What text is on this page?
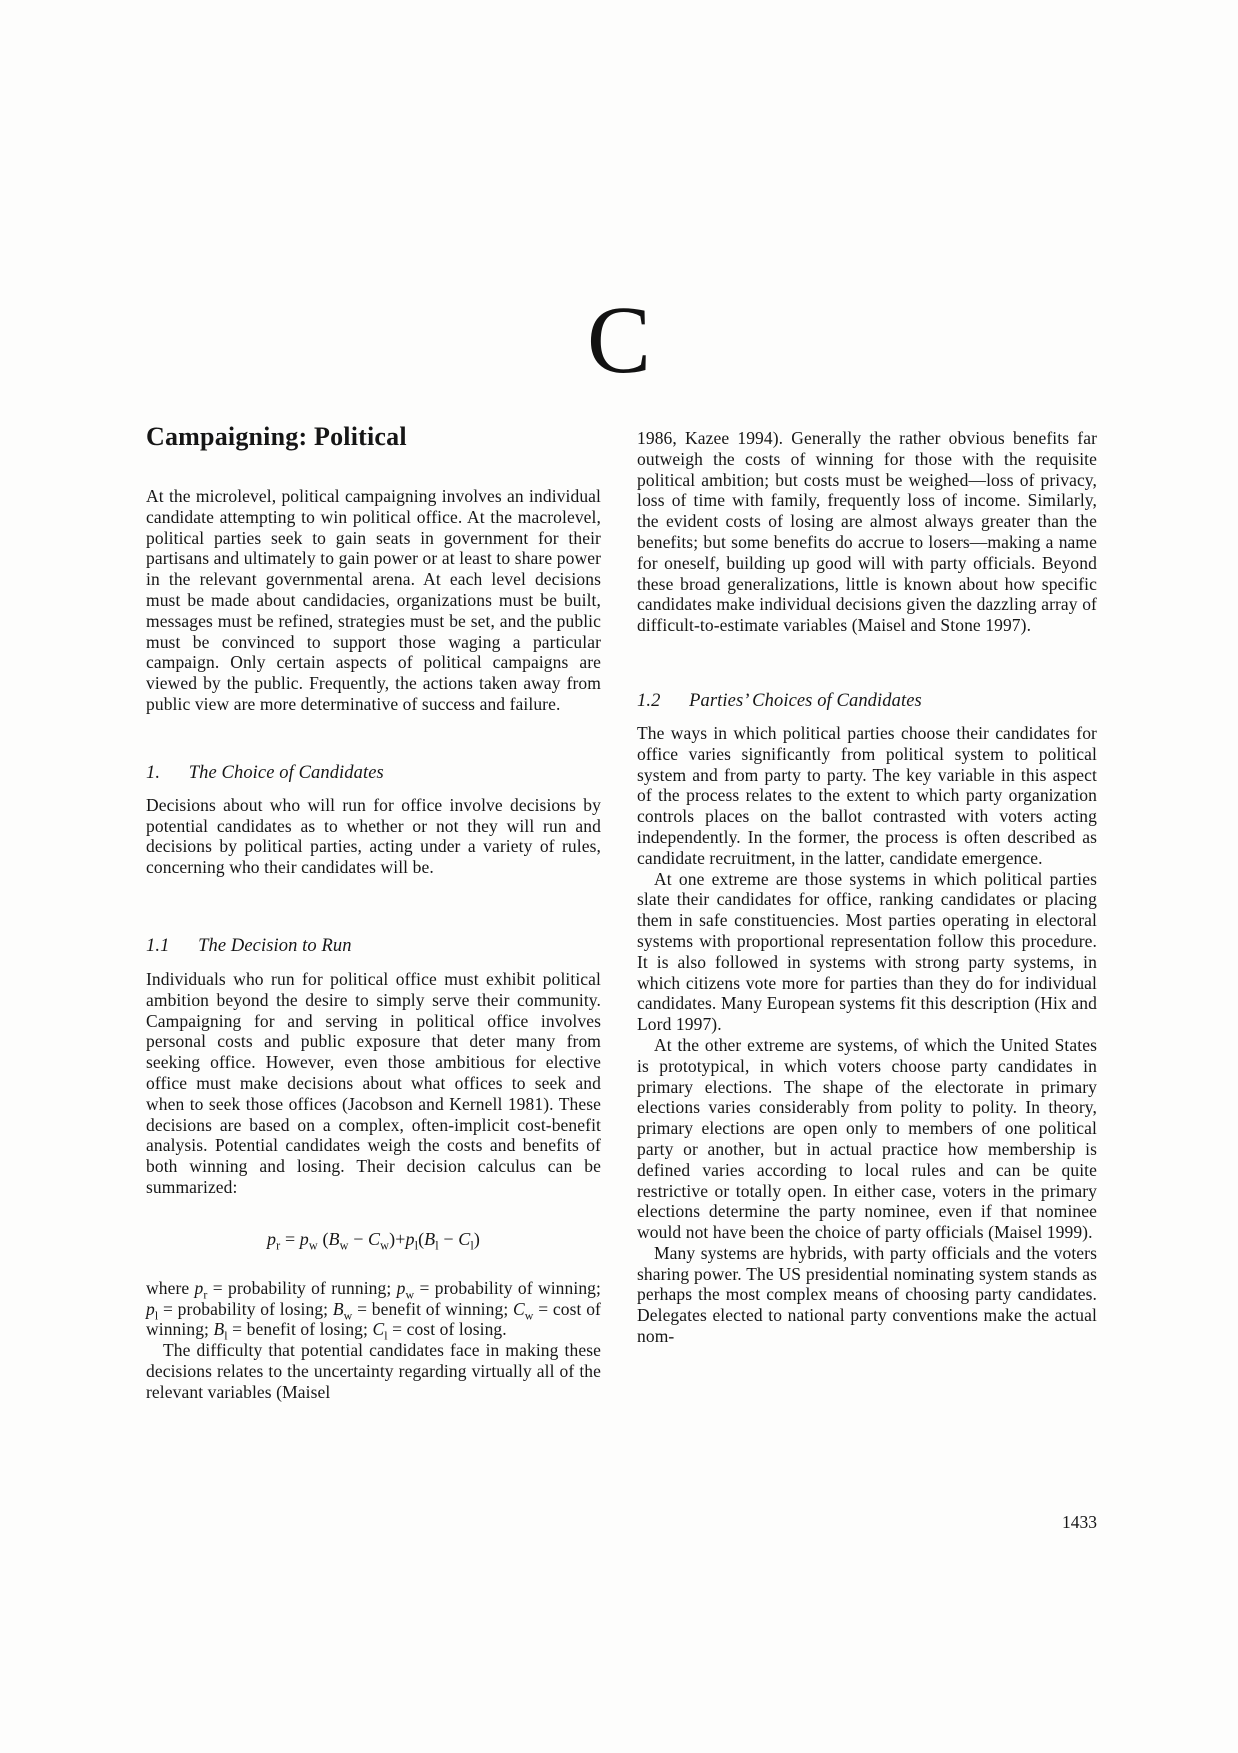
C
Campaigning: Political

At the microlevel, political campaigning involves an individual candidate attempting to win political office. At the macrolevel, political parties seek to gain seats in government for their partisans and ultimately to gain power or at least to share power in the relevant governmental arena. At each level decisions must be made about candidacies, organizations must be built, messages must be refined, strategies must be set, and the public must be convinced to support those waging a particular campaign. Only certain aspects of political campaigns are viewed by the public. Frequently, the actions taken away from public view are more determinative of success and failure.

1. The Choice of Candidates

Decisions about who will run for office involve decisions by potential candidates as to whether or not they will run and decisions by political parties, acting under a variety of rules, concerning who their candidates will be.

1.1 The Decision to Run

Individuals who run for political office must exhibit political ambition beyond the desire to simply serve their community. Campaigning for and serving in political office involves personal costs and public exposure that deter many from seeking office. However, even those ambitious for elective office must make decisions about what offices to seek and when to seek those offices (Jacobson and Kernell 1981). These decisions are based on a complex, often-implicit cost-benefit analysis. Potential candidates weigh the costs and benefits of both winning and losing. Their decision calculus can be summarized:

$p_r = p_w$ $(B_w - C_w)+p_l(B_l - C_l)$

where $p_r$ = probability of running; $p_w$ = probability of winning; $p_l$ = probability of losing; $B_w$ = benefit of winning; $C_w = \cos t$ of winning; $B_l$ = benefit of losing; $C_l = \cos t$ of losing.

The difficulty that potential candidates face in making these decisions relates to the uncertainty regarding virtually all of the relevant variables (Maisel

1986, Kazee 1994). Generally the rather obvious benefits far outweigh the costs of winning for those with the requisite political ambition; but costs must be weighed—loss of privacy, loss of time with family, frequently loss of income. Similarly, the evident costs of losing are almost always greater than the benefits; but some benefits do accrue to losers—making a name for oneself, building up good will with party officials. Beyond these broad generalizations, little is known about how specific candidates make individual decisions given the dazzling array of difficult-to-estimate variables (Maisel and Stone 1997).

1.2 Parties’ Choices of Candidates

The ways in which political parties choose their candidates for office varies significantly from political system to political system and from party to party. The key variable in this aspect of the process relates to the extent to which party organization controls places on the ballot contrasted with voters acting independently. In the former, the process is often described as candidate recruitment, in the latter, candidate emergence.

At one extreme are those systems in which political parties slate their candidates for office, ranking candidates or placing them in safe constituencies. Most parties operating in electoral systems with proportional representation follow this procedure. It is also followed in systems with strong party systems, in which citizens vote more for parties than they do for individual candidates. Many European systems fit this description (Hix and Lord 1997).

At the other extreme are systems, of which the United States is prototypical, in which voters choose party candidates in primary elections. The shape of the electorate in primary elections varies considerably from polity to polity. In theory, primary elections are open only to members of one political party or another, but in actual practice how membership is defined varies according to local rules and can be quite restrictive or totally open. In either case, voters in the primary elections determine the party nominee, even if that nominee would not have been the choice of party officials (Maisel 1999).

Many systems are hybrids, with party officials and the voters sharing power. The US presidential nominating system stands as perhaps the most complex means of choosing party candidates. Delegates elected to national party conventions make the actual nom-

1433
